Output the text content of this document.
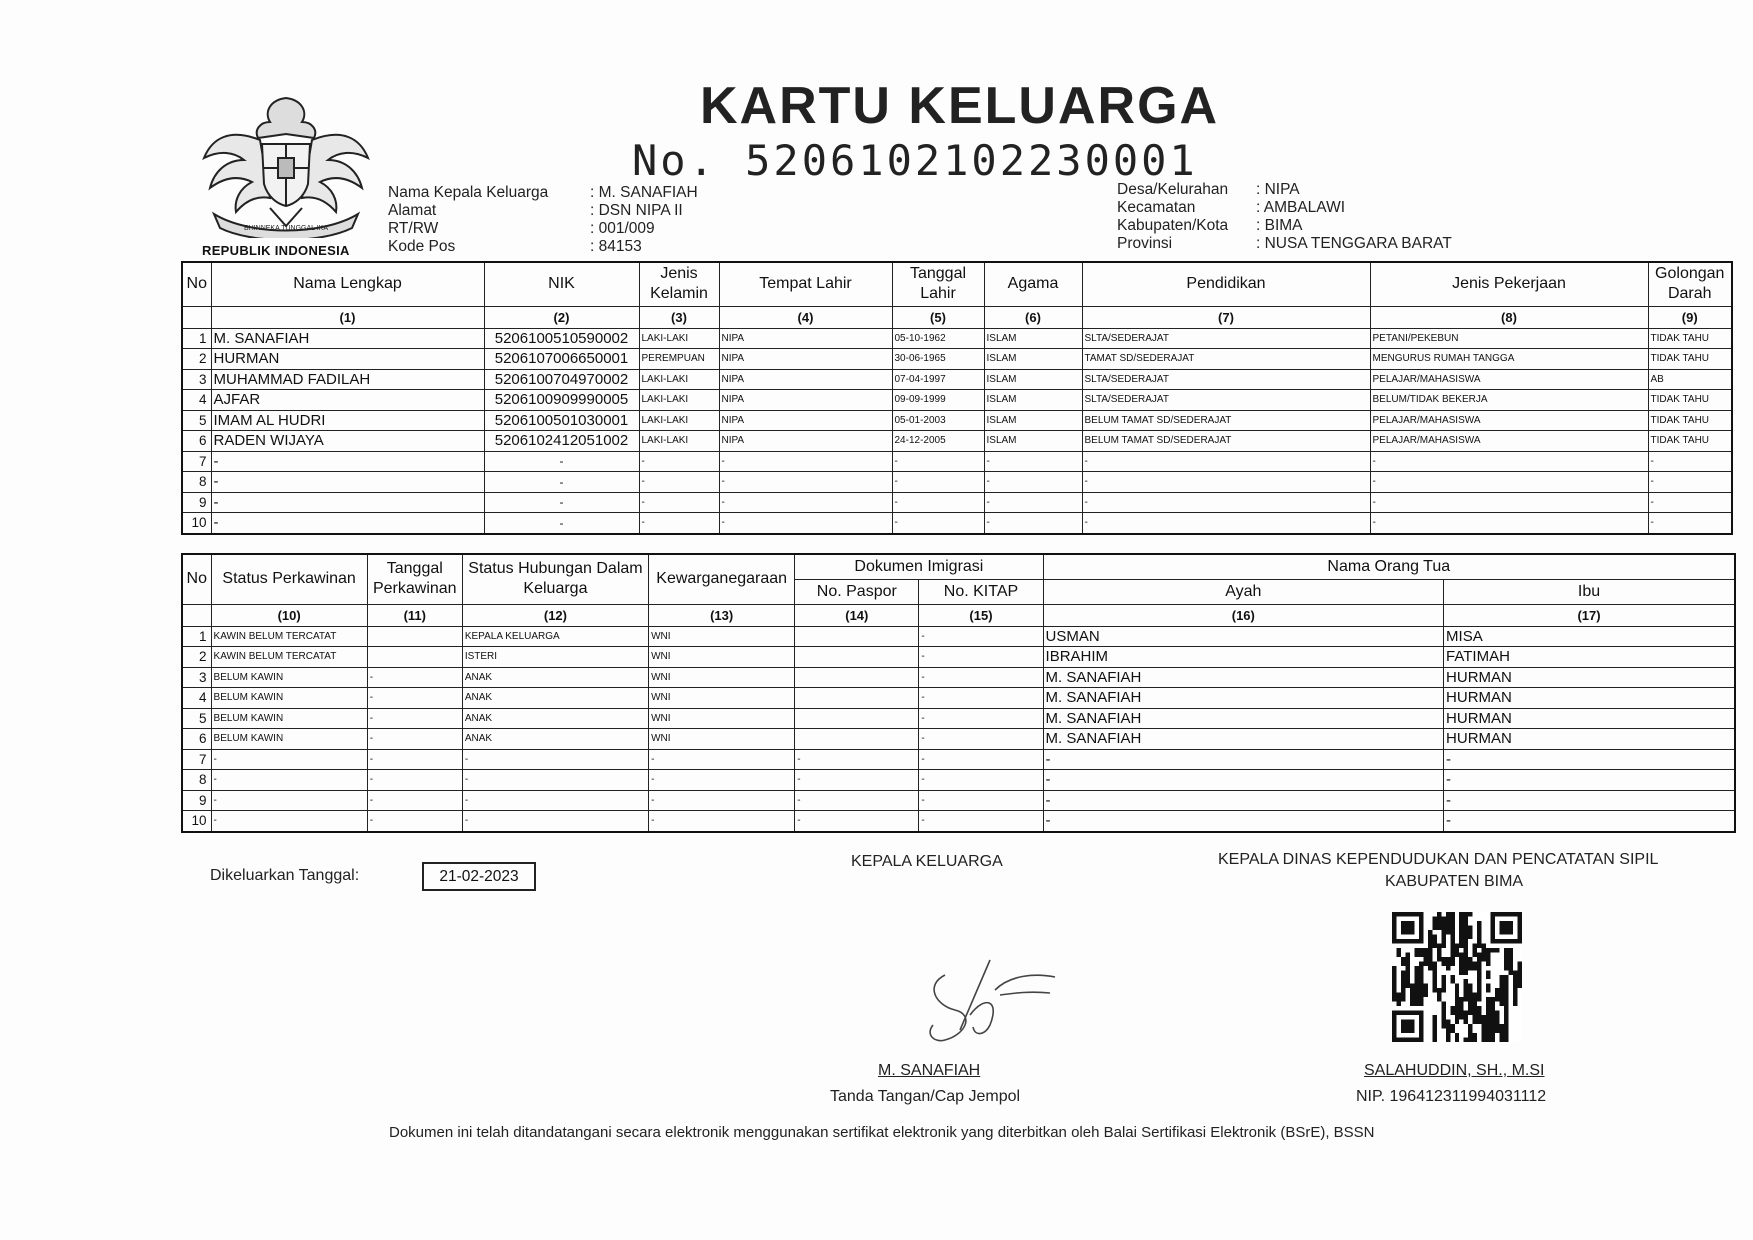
BHINNEKA TUNGGAL IKA
REPUBLIK INDONESIA
KARTU KELUARGA
No. 5206102102230001
Nama Kepala Keluarga	: M. SANAFIAH
Alamat	: DSN NIPA II
RT/RW	: 001/009
Kode Pos	: 84153
Desa/Kelurahan : NIPA
Kecamatan	: AMBALAWI
Kabupaten/Kota : BIMA
Provinsi	: NUSA TENGGARA BARAT
No	Nama Lengkap	NIK	Jenis Kelamin	Tempat Lahir	Tanggal Lahir	Agama	Pendidikan	Jenis Pekerjaan	Golongan Darah
	(1)	(2)	(3)	(4)	(5)	(6)	(7)	(8)	(9)
1	M. SANAFIAH	5206100510590002	LAKI-LAKI	NIPA	05-10-1962	ISLAM	SLTA/SEDERAJAT	PETANI/PEKEBUN	TIDAK TAHU
2	HURMAN	5206107006650001	PEREMPUAN	NIPA	30-06-1965	ISLAM	TAMAT SD/SEDERAJAT	MENGURUS RUMAH TANGGA	TIDAK TAHU
3	MUHAMMAD FADILAH	5206100704970002	LAKI-LAKI	NIPA	07-04-1997	ISLAM	SLTA/SEDERAJAT	PELAJAR/MAHASISWA	AB
4	AJFAR	5206100909990005	LAKI-LAKI	NIPA	09-09-1999	ISLAM	SLTA/SEDERAJAT	BELUM/TIDAK BEKERJA	TIDAK TAHU
5	IMAM AL HUDRI	5206100501030001	LAKI-LAKI	NIPA	05-01-2003	ISLAM	BELUM TAMAT SD/SEDERAJAT	PELAJAR/MAHASISWA	TIDAK TAHU
6	RADEN WIJAYA	5206102412051002	LAKI-LAKI	NIPA	24-12-2005	ISLAM	BELUM TAMAT SD/SEDERAJAT	PELAJAR/MAHASISWA	TIDAK TAHU
7	-	-	-	-	-	-	-	-	-
8	-	-	-	-	-	-	-	-	-
9	-	-	-	-	-	-	-	-	-
10	-	-	-	-	-	-	-	-	-
No	Status Perkawinan	Tanggal Perkawinan	Status Hubungan Dalam Keluarga	Kewarganegaraan	Dokumen Imigrasi		Nama Orang Tua	
					No. Paspor	No. KITAP	Ayah	Ibu
	(10)	(11)	(12)	(13)	(14)	(15)	(16)	(17)
1	KAWIN BELUM TERCATAT		KEPALA KELUARGA	WNI		-	USMAN	MISA
2	KAWIN BELUM TERCATAT		ISTERI	WNI		-	IBRAHIM	FATIMAH
3	BELUM KAWIN	-	ANAK	WNI		-	M. SANAFIAH	HURMAN
4	BELUM KAWIN	-	ANAK	WNI		-	M. SANAFIAH	HURMAN
5	BELUM KAWIN	-	ANAK	WNI		-	M. SANAFIAH	HURMAN
6	BELUM KAWIN	-	ANAK	WNI		-	M. SANAFIAH	HURMAN
7	-	-	-	-	-	-	-	-
8	-	-	-	-	-	-	-	-
9	-	-	-	-	-	-	-	-
10	-	-	-	-	-	-	-	-
Dikeluarkan Tanggal:	21-02-2023
KEPALA KELUARGA
M. SANAFIAH
Tanda Tangan/Cap Jempol
KEPALA DINAS KEPENDUDUKAN DAN PENCATATAN SIPIL
KABUPATEN BIMA
SALAHUDDIN, SH., M.SI
NIP. 196412311994031112
Dokumen ini telah ditandatangani secara elektronik menggunakan sertifikat elektronik yang diterbitkan oleh Balai Sertifikasi Elektronik (BSrE), BSSN
